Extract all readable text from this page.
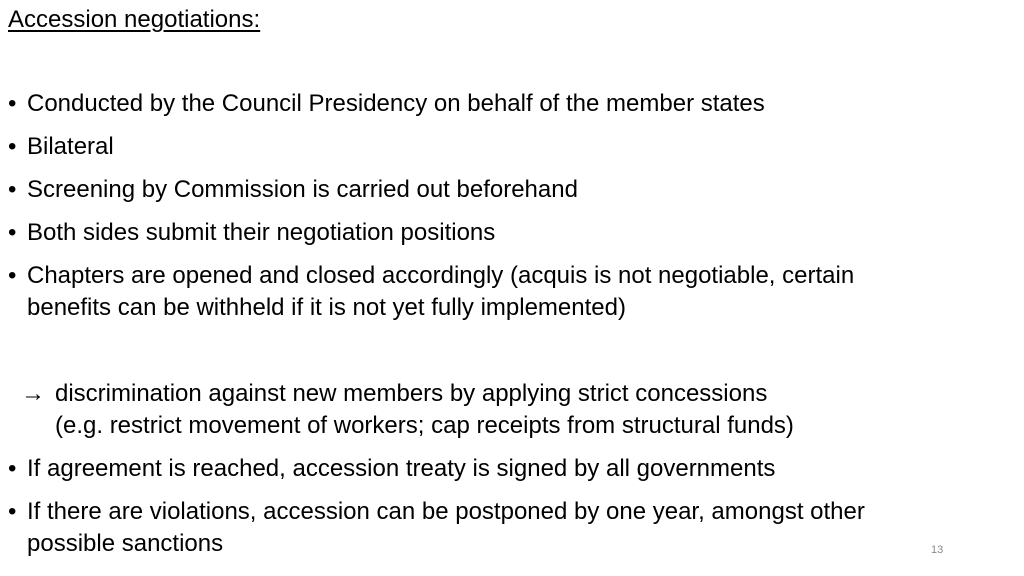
Accession negotiations:
• Conducted by the Council Presidency on behalf of the member states
• Bilateral
• Screening by Commission is carried out beforehand
• Both sides submit their negotiation positions
• Chapters are opened and closed accordingly (acquis is not negotiable, certain benefits can be withheld if it is not yet fully implemented)
→ discrimination against new members by applying strict concessions
(e.g. restrict movement of workers; cap receipts from structural funds)
• If agreement is reached, accession treaty is signed by all governments
• If there are violations, accession can be postponed by one year, amongst other possible sanctions	13
